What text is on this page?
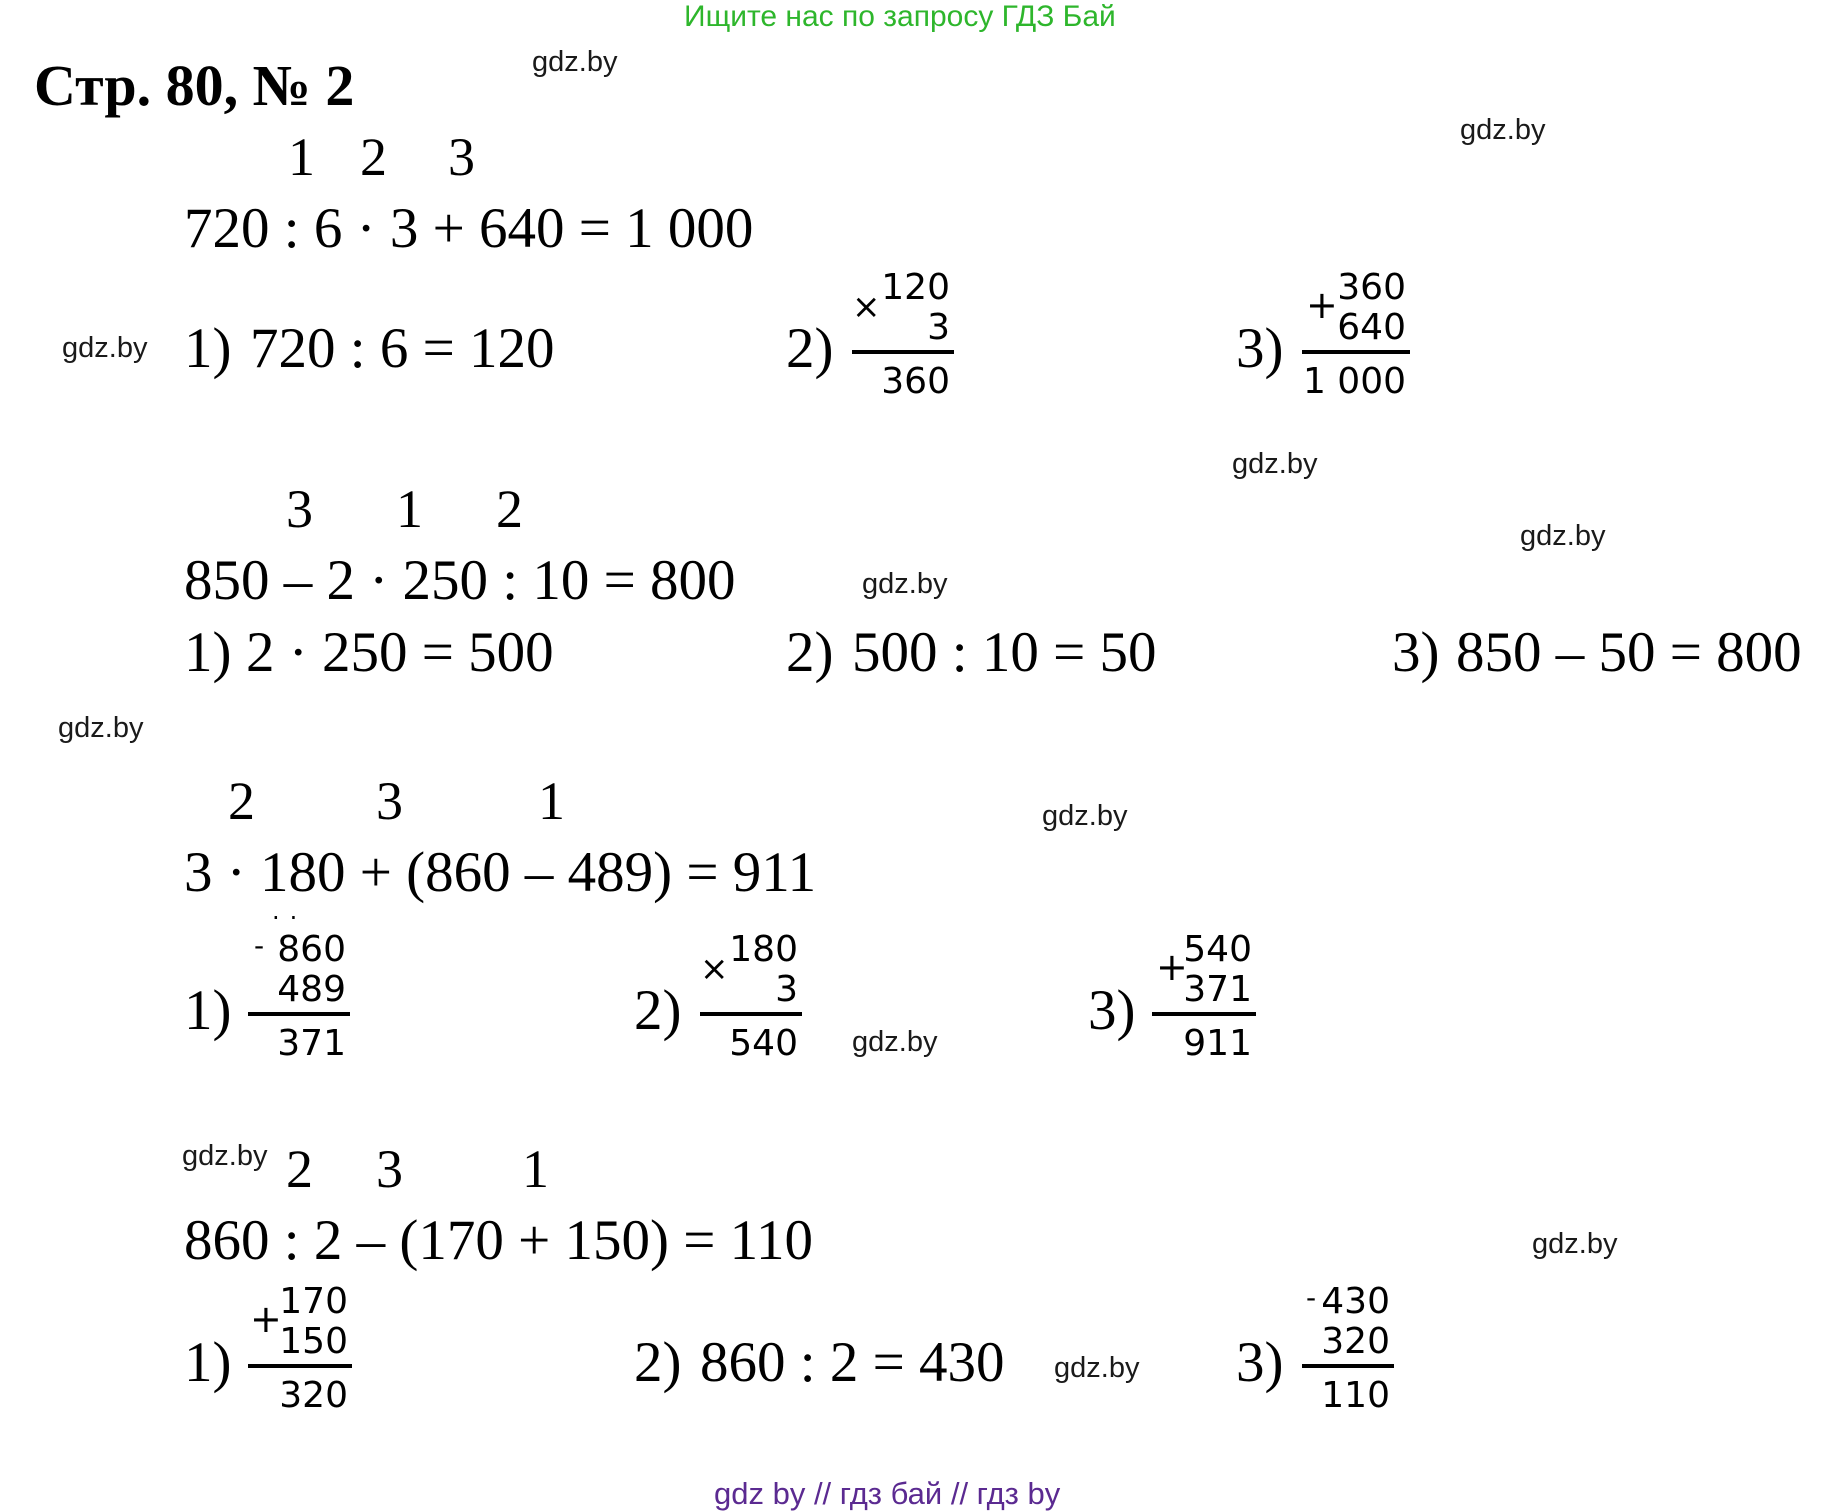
Ищите нас по запросу ГДЗ Бай
Стр. 80, № 2	gdz.by
gdz.by
gdz.by
gdz.by
gdz.by
gdz.by
gdz.by
gdz.by
gdz.by
gdz.by
gdz.by
gdz.by
1 2 3
720 : 6 · 3 + 640 = 1 000
1) 720 : 6 = 120	2)
× 120
3
360
3)
+ 360
640
1 000
3 1 2
850 – 2 · 250 : 10 = 800
1) 2 · 250 = 500	2) 500 : 10 = 50	3) 850 – 50 = 800
2 3	1
3 · 180 + (860 – 489) = 911
1)
··
- 860
489
371
2)
× 180
3
540
3)
+
540
371
911
2 3 1
860 : 2 – (170 + 150) = 110
1)
+
170
150
320
2) 860 : 2 = 430	3)
- 430
320
110
gdz by // гдз бай // гдз by
